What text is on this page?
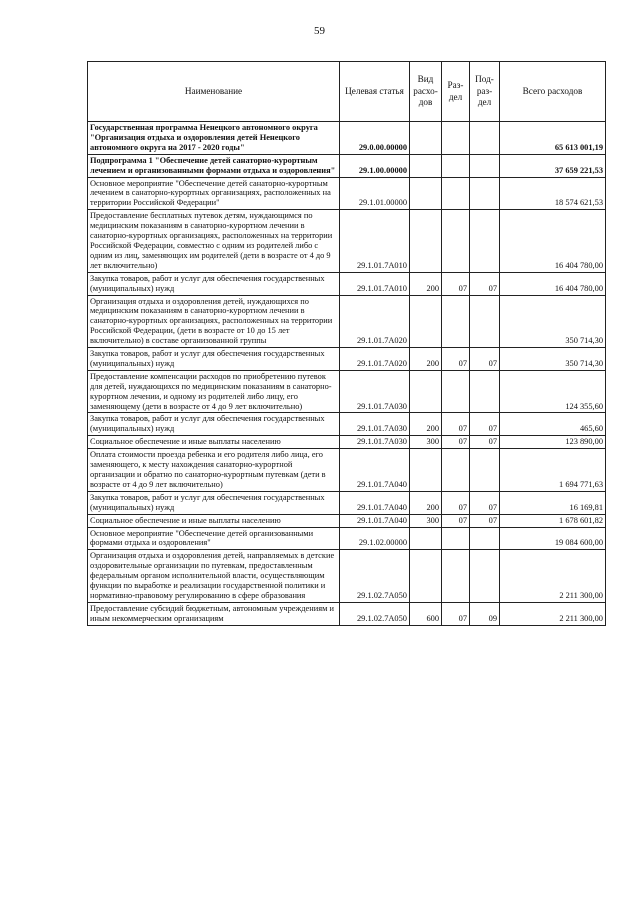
59
Наименование	Целевая статья	Вид расхо-дов	Раз-дел	Под-раз-дел	Всего расходов
Государственная программа Ненецкого автономного округа "Организация отдыха и оздоровления детей Ненецкого автономного округа на 2017 - 2020 годы"	29.0.00.00000				65 613 001,19
Подпрограмма 1 "Обеспечение детей санаторно-курортным лечением и организованными формами отдыха и оздоровления"	29.1.00.00000				37 659 221,53
Основное мероприятие "Обеспечение детей санаторно-курортным лечением в санаторно-курортных организациях, расположенных на территории Российской Федерации"	29.1.01.00000				18 574 621,53
Предоставление бесплатных путевок детям, нуждающимся по медицинским показаниям в санаторно-курортном лечении в санаторно-курортных организациях, расположенных на территории Российской Федерации, совместно с одним из родителей либо с одним из лиц, заменяющих им родителей (дети в возрасте от 4 до 9 лет включительно)	29.1.01.7А010				16 404 780,00
Закупка товаров, работ и услуг для обеспечения государственных (муниципальных) нужд	29.1.01.7А010	200	07	07	16 404 780,00
Организация отдыха и оздоровления детей, нуждающихся по медицинским показаниям в санаторно-курортном лечении в санаторно-курортных организациях, расположенных на территории Российской Федерации, (дети в возрасте от 10 до 15 лет включительно) в составе организованной группы	29.1.01.7А020				350 714,30
Закупка товаров, работ и услуг для обеспечения государственных (муниципальных) нужд	29.1.01.7А020	200	07	07	350 714,30
Предоставление компенсации расходов по приобретению путевок для детей, нуждающихся по медицинским показаниям в санаторно-курортном лечении, и одному из родителей либо лицу, его заменяющему (дети в возрасте от 4 до 9 лет включительно)	29.1.01.7А030				124 355,60
Закупка товаров, работ и услуг для обеспечения государственных (муниципальных) нужд	29.1.01.7А030	200	07	07	465,60
Социальное обеспечение и иные выплаты населению	29.1.01.7А030	300	07	07	123 890,00
Оплата стоимости проезда ребенка и его родителя либо лица, его заменяющего, к месту нахождения санаторно-курортной организации и обратно по санаторно-курортным путевкам (дети в возрасте от 4 до 9 лет включительно)	29.1.01.7А040				1 694 771,63
Закупка товаров, работ и услуг для обеспечения государственных (муниципальных) нужд	29.1.01.7А040	200	07	07	16 169,81
Социальное обеспечение и иные выплаты населению	29.1.01.7А040	300	07	07	1 678 601,82
Основное мероприятие "Обеспечение детей организованными формами отдыха и оздоровления"	29.1.02.00000				19 084 600,00
Организация отдыха и оздоровления детей, направляемых в детские оздоровительные организации по путевкам, предоставленным федеральным органом исполнительной власти, осуществляющим функции по выработке и реализации государственной политики и нормативно-правовому регулированию в сфере образования	29.1.02.7А050				2 211 300,00
Предоставление субсидий бюджетным, автономным учреждениям и иным некоммерческим организациям	29.1.02.7А050	600	07	09	2 211 300,00
